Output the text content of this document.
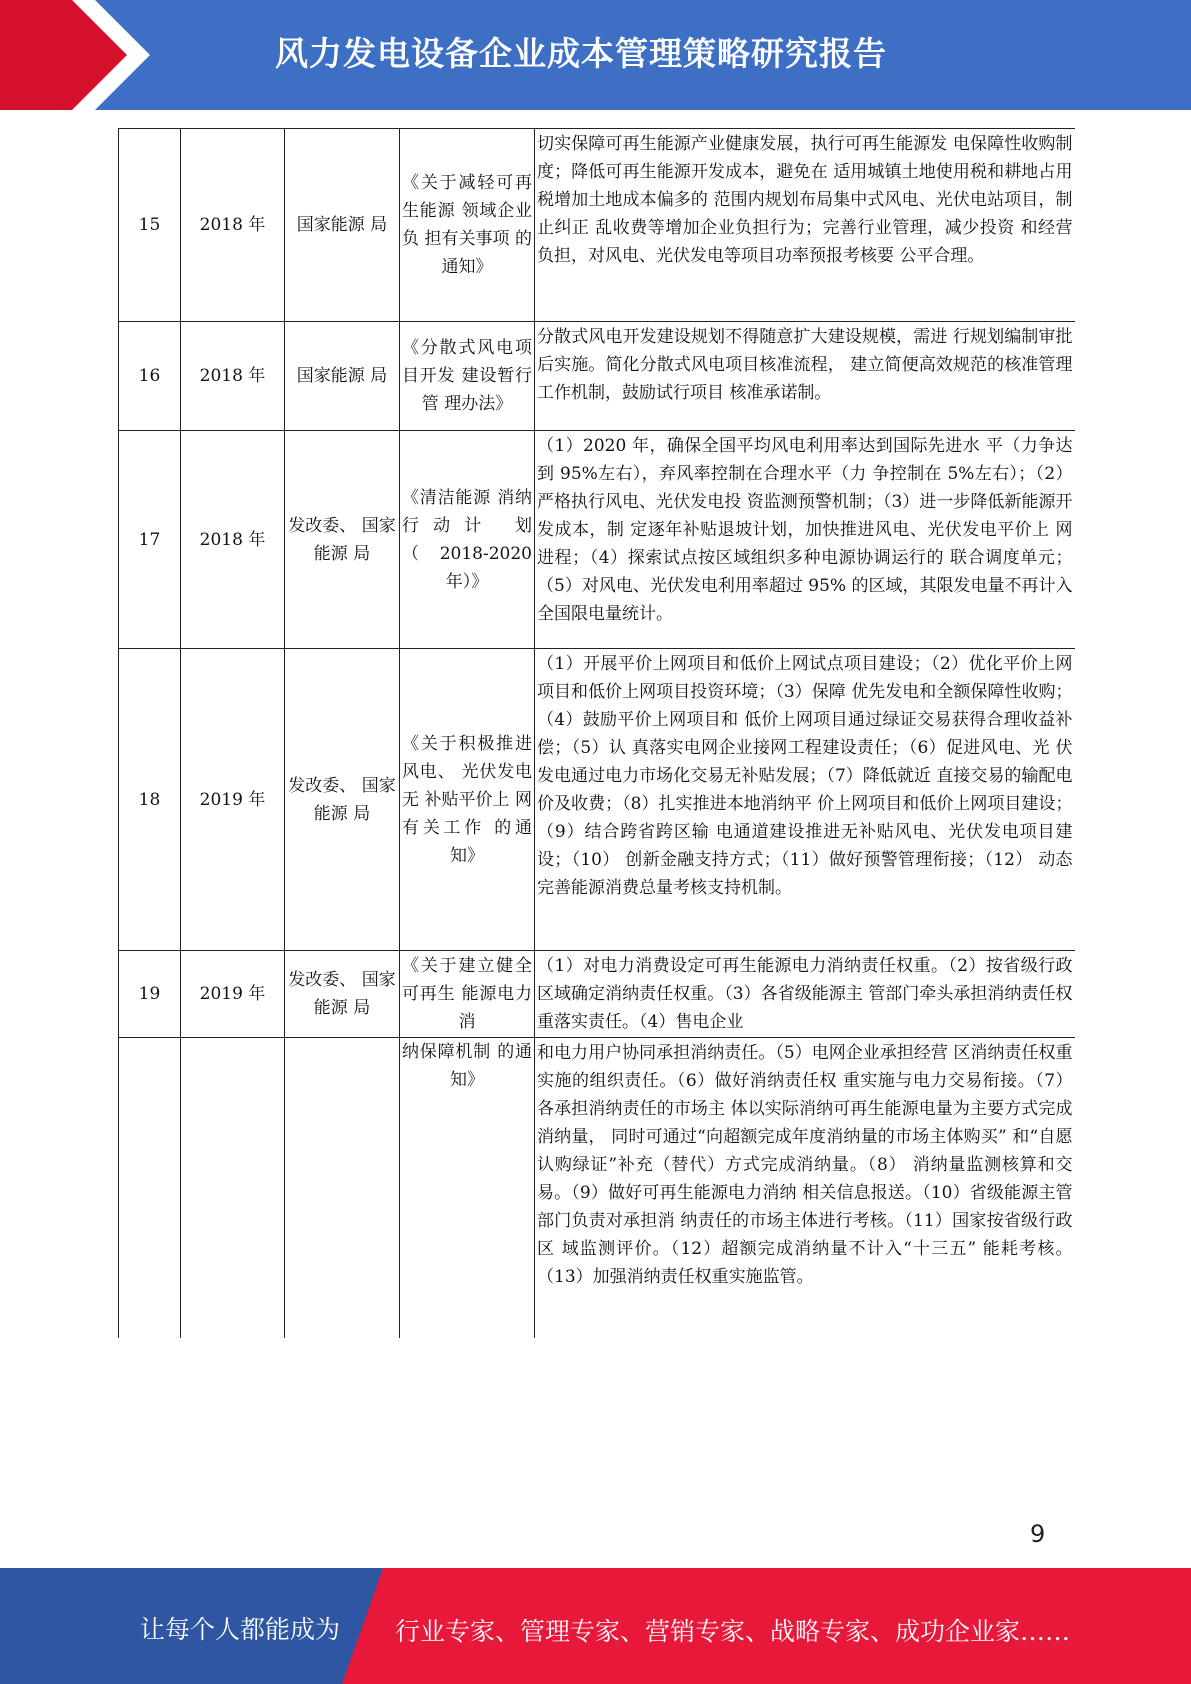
风力发电设备企业成本管理策略研究报告
15	2018 年	国家能源 局	《关于减轻可再生能源 领域企业负 担有关事项 的通知》	切实保障可再生能源产业健康发展，执行可再生能源发 电保障性收购制度；降低可再生能源开发成本，避免在 适用城镇土地使用税和耕地占用税增加土地成本偏多的 范围内规划布局集中式风电、光伏电站项目，制止纠正 乱收费等增加企业负担行为；完善行业管理，减少投资 和经营负担，对风电、光伏发电等项目功率预报考核要 公平合理。
16	2018 年	国家能源 局	《分散式风电项目开发 建设暂行管 理办法》	分散式风电开发建设规划不得随意扩大建设规模，需进 行规划编制审批后实施。简化分散式风电项目核准流程， 建立简便高效规范的核准管理工作机制，鼓励试行项目 核准承诺制。
17	2018 年	发改委、 国家能源 局	《清洁能源 消纳行动计 划（2018-2020 年）》	（1）2020 年，确保全国平均风电利用率达到国际先进水 平（力争达到 95%左右），弃风率控制在合理水平（力 争控制在 5%左右）；（2）严格执行风电、光伏发电投 资监测预警机制；（3）进一步降低新能源开发成本，制 定逐年补贴退坡计划，加快推进风电、光伏发电平价上 网进程；（4）探索试点按区域组织多种电源协调运行的 联合调度单元；（5）对风电、光伏发电利用率超过 95% 的区域，其限发电量不再计入全国限电量统计。
18	2019 年	发改委、 国家能源 局	《关于积极推进风电、 光伏发电无 补贴平价上 网有关工作 的通知》	（1）开展平价上网项目和低价上网试点项目建设；（2）优化平价上网项目和低价上网项目投资环境；（3）保障 优先发电和全额保障性收购；（4）鼓励平价上网项目和 低价上网项目通过绿证交易获得合理收益补偿；（5）认 真落实电网企业接网工程建设责任；（6）促进风电、光 伏发电通过电力市场化交易无补贴发展；（7）降低就近 直接交易的输配电价及收费；（8）扎实推进本地消纳平 价上网项目和低价上网项目建设；（9）结合跨省跨区输 电通道建设推进无补贴风电、光伏发电项目建设；（10） 创新金融支持方式；（11）做好预警管理衔接；（12） 动态完善能源消费总量考核支持机制。
19	2019 年	发改委、 国家能源 局	《关于建立健全可再生 能源电力消	（1）对电力消费设定可再生能源电力消纳责任权重。（2）按省级行政区域确定消纳责任权重。（3）各省级能源主 管部门牵头承担消纳责任权重落实责任。（4）售电企业
			纳保障机制 的通知》	和电力用户协同承担消纳责任。（5）电网企业承担经营 区消纳责任权重实施的组织责任。（6）做好消纳责任权 重实施与电力交易衔接。（7）各承担消纳责任的市场主 体以实际消纳可再生能源电量为主要方式完成消纳量， 同时可通过“向超额完成年度消纳量的市场主体购买” 和“自愿认购绿证”补充（替代）方式完成消纳量。（8） 消纳量监测核算和交易。（9）做好可再生能源电力消纳 相关信息报送。（10）省级能源主管部门负责对承担消 纳责任的市场主体进行考核。（11）国家按省级行政区 域监测评价。（12）超额完成消纳量不计入“十三五” 能耗考核。（13）加强消纳责任权重实施监管。
9
让每个人都能成为 行业专家、管理专家、营销专家、战略专家、成功企业家……
